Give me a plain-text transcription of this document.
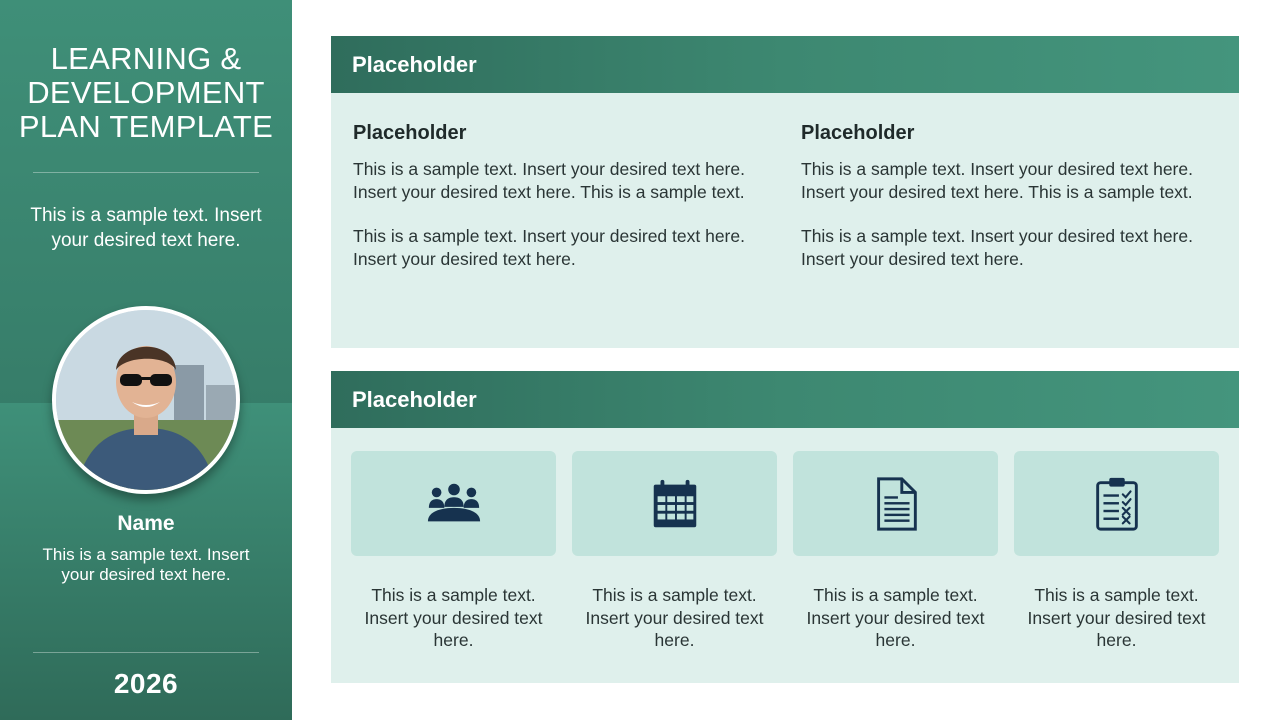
LEARNING &
DEVELOPMENT
PLAN TEMPLATE
This is a sample text. Insert your desired text here.
Name
This is a sample text. Insert your desired text here.
2026
Placeholder
Placeholder

This is a sample text. Insert your desired text here. Insert your desired text here. This is a sample text.

This is a sample text. Insert your desired text here. Insert your desired text here.

Placeholder

This is a sample text. Insert your desired text here. Insert your desired text here. This is a sample text.

This is a sample text. Insert your desired text here. Insert your desired text here.

Placeholder
This is a sample text. Insert your desired text here.
This is a sample text. Insert your desired text here.
This is a sample text. Insert your desired text here.
This is a sample text. Insert your desired text here.
